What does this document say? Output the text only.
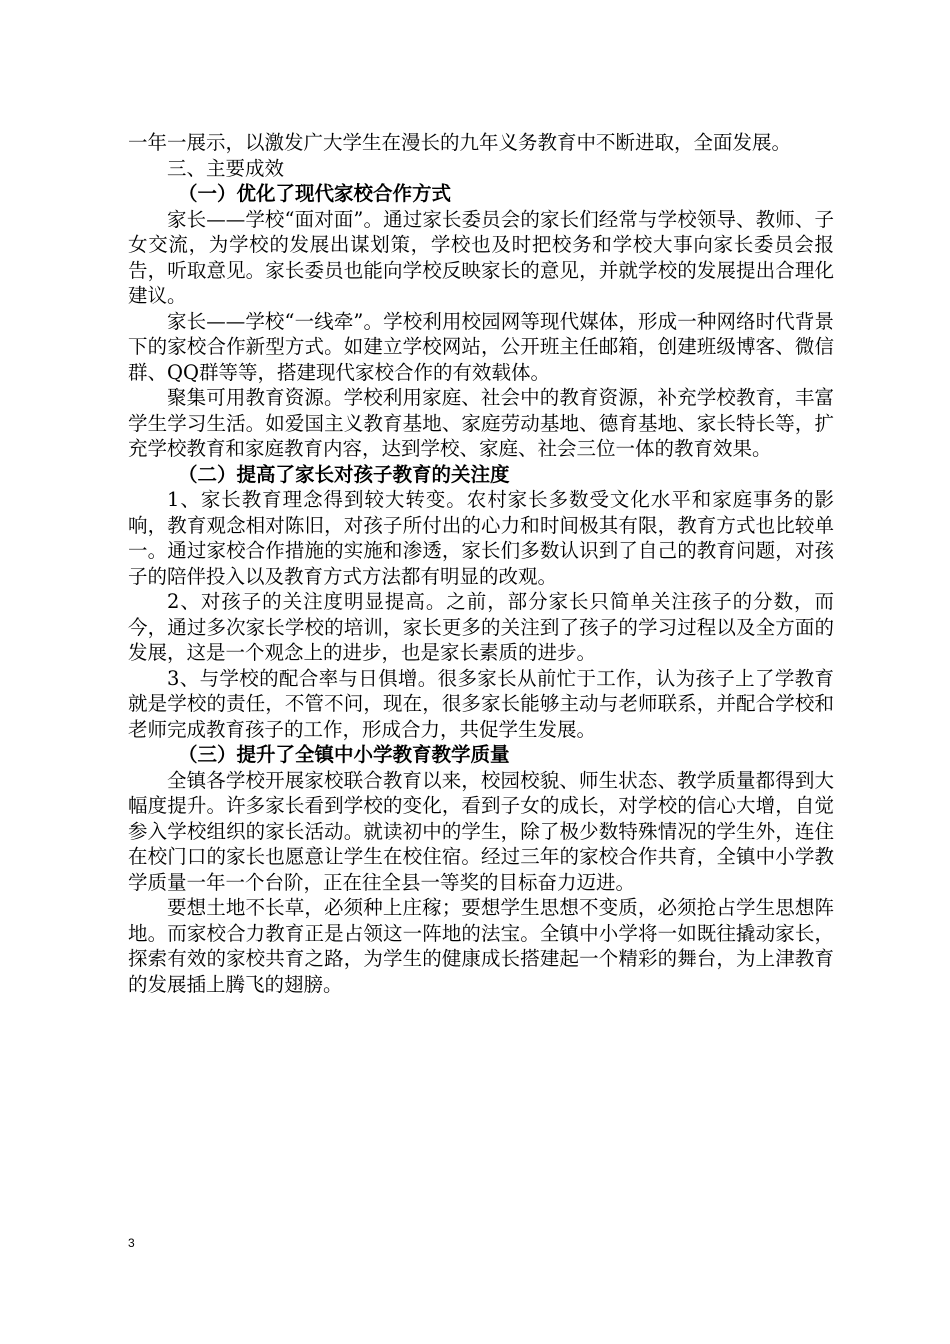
一年一展示，以激发广大学生在漫长的九年义务教育中不断进取，全面发展。

三、主要成效

（一）优化了现代家校合作方式

家长——学校“面对面”。通过家长委员会的家长们经常与学校领导、教师、子女交流，为学校的发展出谋划策，学校也及时把校务和学校大事向家长委员会报告，听取意见。家长委员也能向学校反映家长的意见，并就学校的发展提出合理化建议。

家长——学校“一线牵”。学校利用校园网等现代媒体，形成一种网络时代背景下的家校合作新型方式。如建立学校网站，公开班主任邮箱，创建班级博客、微信群、QQ群等等，搭建现代家校合作的有效载体。

聚集可用教育资源。学校利用家庭、社会中的教育资源，补充学校教育，丰富学生学习生活。如爱国主义教育基地、家庭劳动基地、德育基地、家长特长等，扩充学校教育和家庭教育内容，达到学校、家庭、社会三位一体的教育效果。

（二）提高了家长对孩子教育的关注度

1、家长教育理念得到较大转变。农村家长多数受文化水平和家庭事务的影响，教育观念相对陈旧，对孩子所付出的心力和时间极其有限，教育方式也比较单一。通过家校合作措施的实施和渗透，家长们多数认识到了自己的教育问题，对孩子的陪伴投入以及教育方式方法都有明显的改观。

2、对孩子的关注度明显提高。之前，部分家长只简单关注孩子的分数，而今，通过多次家长学校的培训，家长更多的关注到了孩子的学习过程以及全方面的发展，这是一个观念上的进步，也是家长素质的进步。

3、与学校的配合率与日俱增。很多家长从前忙于工作，认为孩子上了学教育就是学校的责任，不管不问，现在，很多家长能够主动与老师联系，并配合学校和老师完成教育孩子的工作，形成合力，共促学生发展。

（三）提升了全镇中小学教育教学质量

全镇各学校开展家校联合教育以来，校园校貌、师生状态、教学质量都得到大幅度提升。许多家长看到学校的变化，看到子女的成长，对学校的信心大增，自觉参入学校组织的家长活动。就读初中的学生，除了极少数特殊情况的学生外，连住在校门口的家长也愿意让学生在校住宿。经过三年的家校合作共育，全镇中小学教学质量一年一个台阶，正在往全县一等奖的目标奋力迈进。

要想土地不长草，必须种上庄稼；要想学生思想不变质，必须抢占学生思想阵地。而家校合力教育正是占领这一阵地的法宝。全镇中小学将一如既往撬动家长，探索有效的家校共育之路，为学生的健康成长搭建起一个精彩的舞台，为上津教育的发展插上腾飞的翅膀。

3
